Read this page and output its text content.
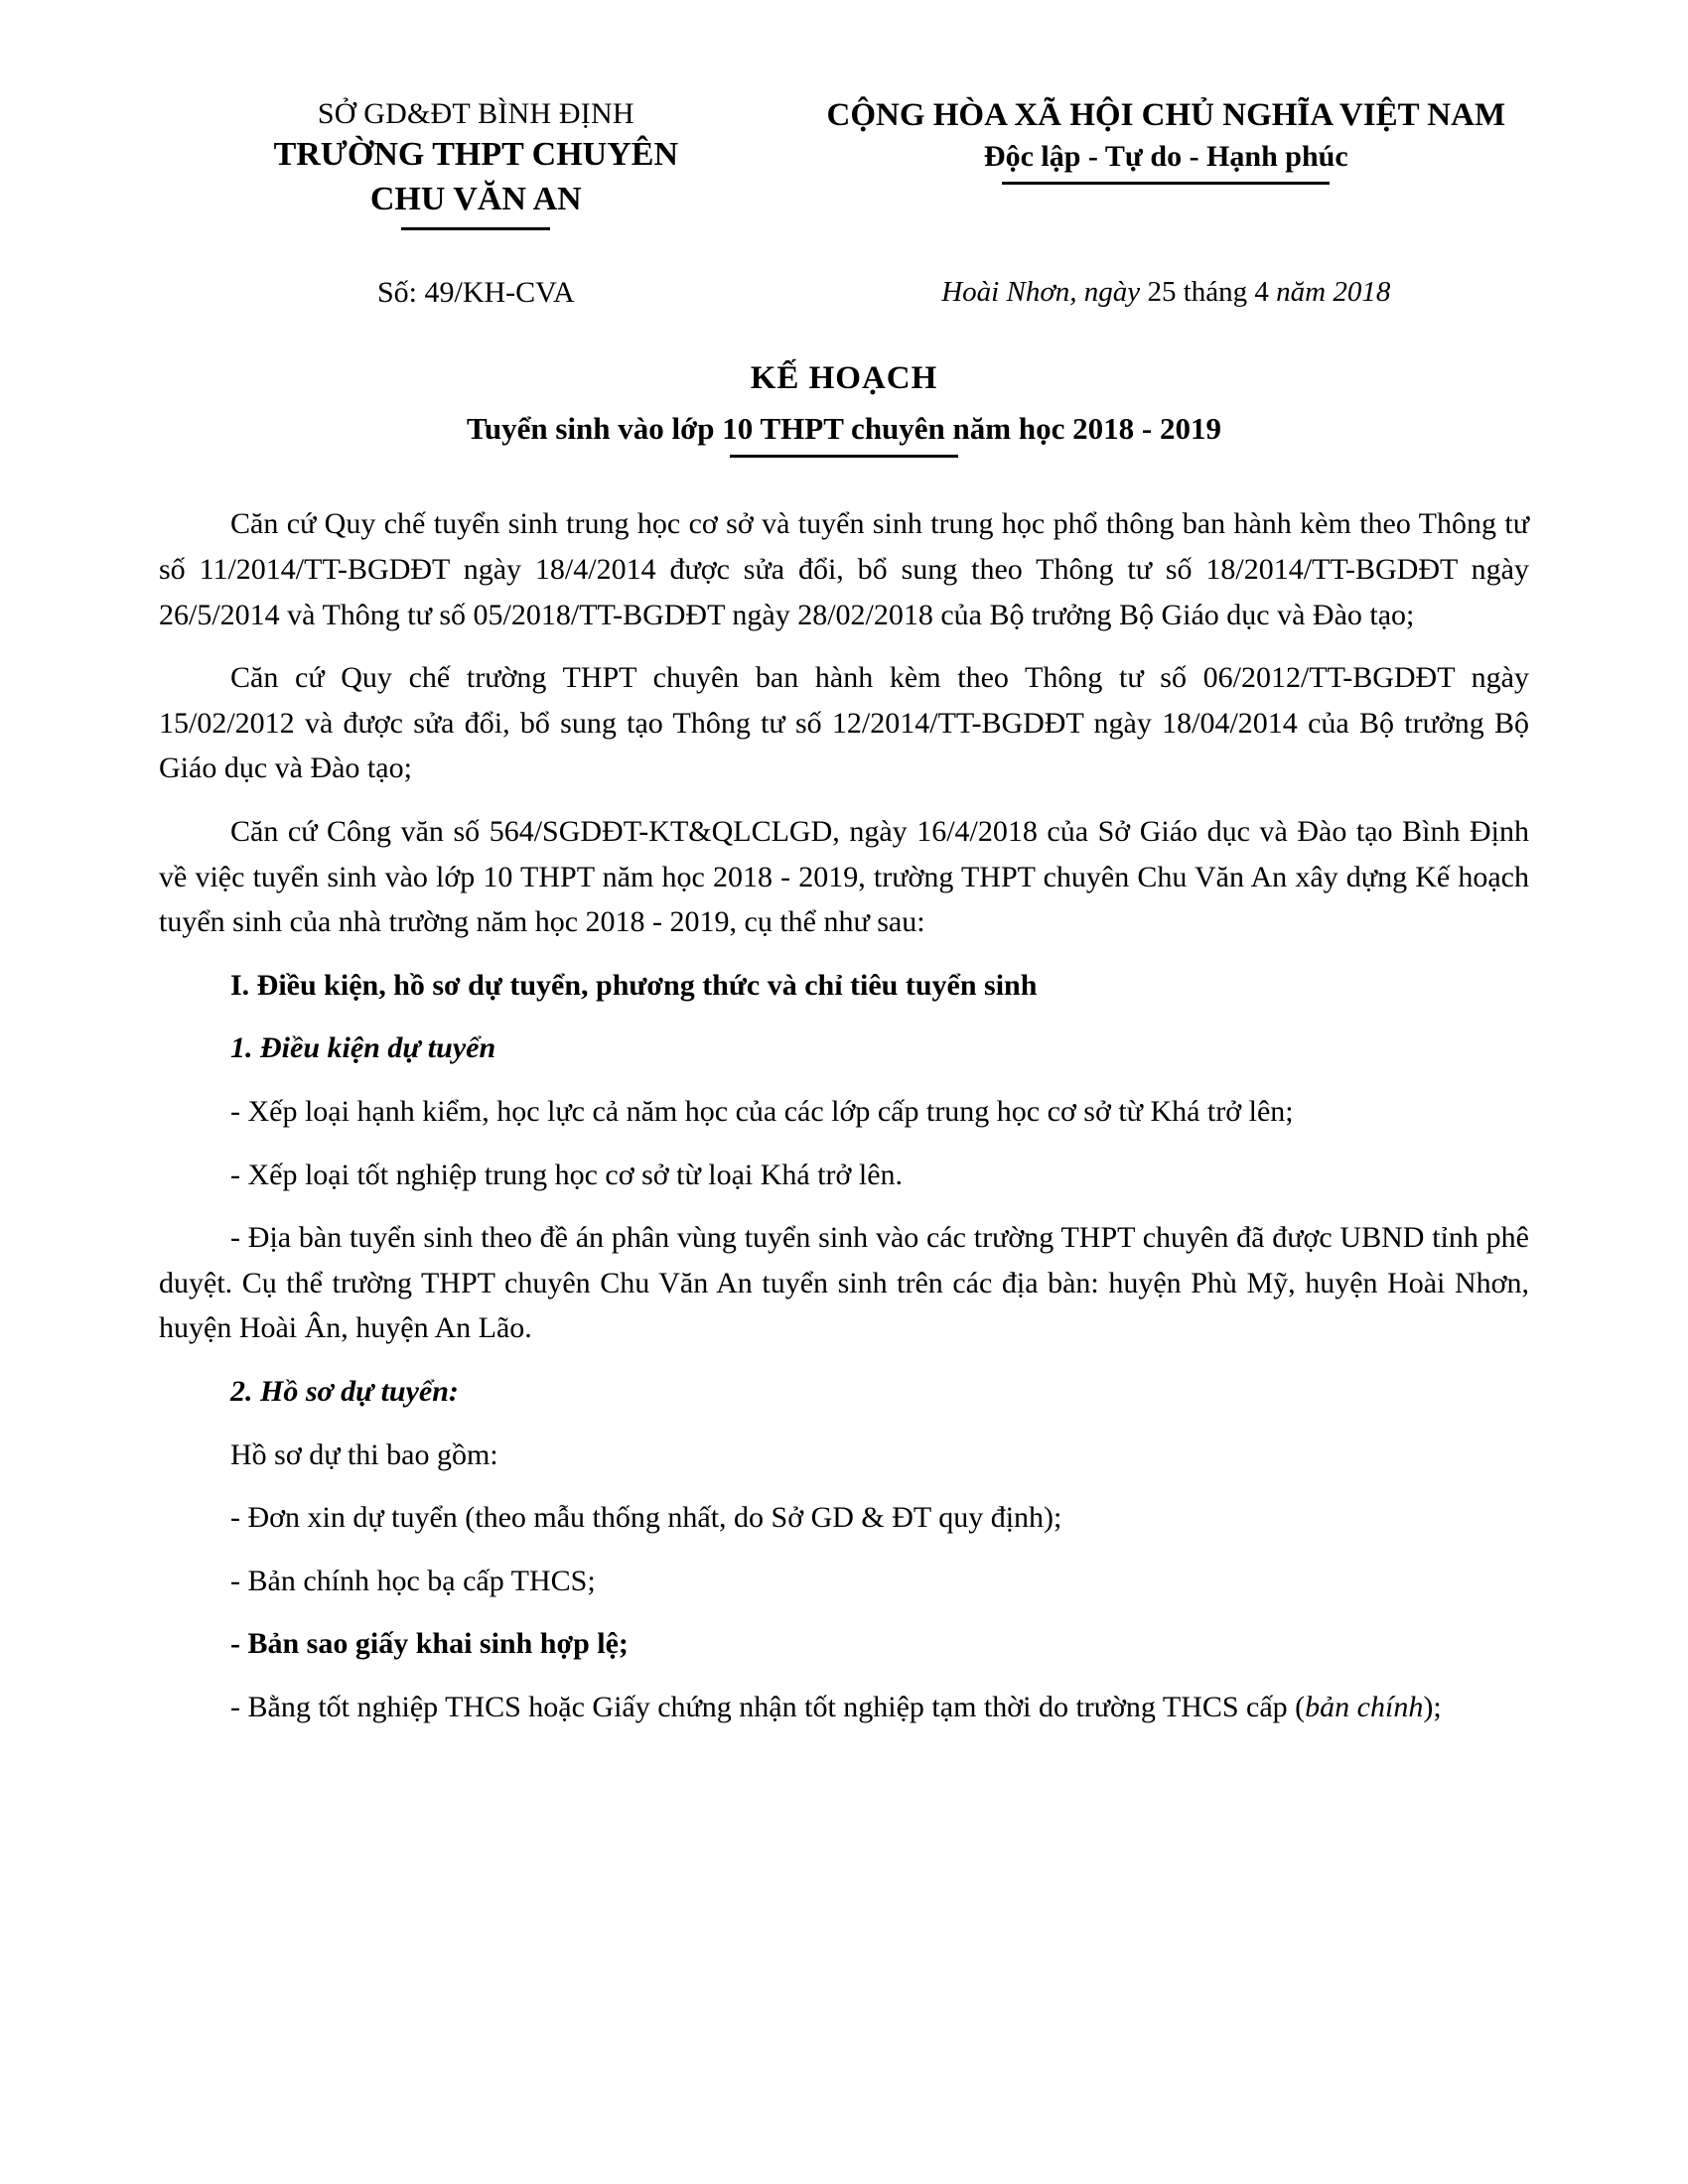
SỞ GD&ĐT BÌNH ĐỊNH
TRƯỜNG THPT CHUYÊN
CHU VĂN AN
CỘNG HÒA XÃ HỘI CHỦ NGHĨA VIỆT NAM
Độc lập - Tự do - Hạnh phúc
Số: 49/KH-CVA	Hoài Nhơn, ngày 25 tháng 4 năm 2018
KẾ HOẠCH
Tuyển sinh vào lớp 10 THPT chuyên năm học 2018 - 2019

Căn cứ Quy chế tuyển sinh trung học cơ sở và tuyển sinh trung học phổ thông ban hành kèm theo Thông tư số 11/2014/TT-BGDĐT ngày 18/4/2014 được sửa đổi, bổ sung theo Thông tư số 18/2014/TT-BGDĐT ngày 26/5/2014 và Thông tư số 05/2018/TT-BGDĐT ngày 28/02/2018 của Bộ trưởng Bộ Giáo dục và Đào tạo;

Căn cứ Quy chế trường THPT chuyên ban hành kèm theo Thông tư số 06/2012/TT-BGDĐT ngày 15/02/2012 và được sửa đổi, bổ sung tạo Thông tư số 12/2014/TT-BGDĐT ngày 18/04/2014 của Bộ trưởng Bộ Giáo dục và Đào tạo;

Căn cứ Công văn số 564/SGDĐT-KT&QLCLGD, ngày 16/4/2018 của Sở Giáo dục và Đào tạo Bình Định về việc tuyển sinh vào lớp 10 THPT năm học 2018 - 2019, trường THPT chuyên Chu Văn An xây dựng Kế hoạch tuyển sinh của nhà trường năm học 2018 - 2019, cụ thể như sau:

I. Điều kiện, hồ sơ dự tuyển, phương thức và chỉ tiêu tuyển sinh

1. Điều kiện dự tuyển

- Xếp loại hạnh kiểm, học lực cả năm học của các lớp cấp trung học cơ sở từ Khá trở lên;

- Xếp loại tốt nghiệp trung học cơ sở từ loại Khá trở lên.

- Địa bàn tuyển sinh theo đề án phân vùng tuyển sinh vào các trường THPT chuyên đã được UBND tỉnh phê duyệt. Cụ thể trường THPT chuyên Chu Văn An tuyển sinh trên các địa bàn: huyện Phù Mỹ, huyện Hoài Nhơn, huyện Hoài Ân, huyện An Lão.

2. Hồ sơ dự tuyển:

Hồ sơ dự thi bao gồm:

- Đơn xin dự tuyển (theo mẫu thống nhất, do Sở GD & ĐT quy định);

- Bản chính học bạ cấp THCS;

- Bản sao giấy khai sinh hợp lệ;

- Bằng tốt nghiệp THCS hoặc Giấy chứng nhận tốt nghiệp tạm thời do trường THCS cấp (bản chính);
